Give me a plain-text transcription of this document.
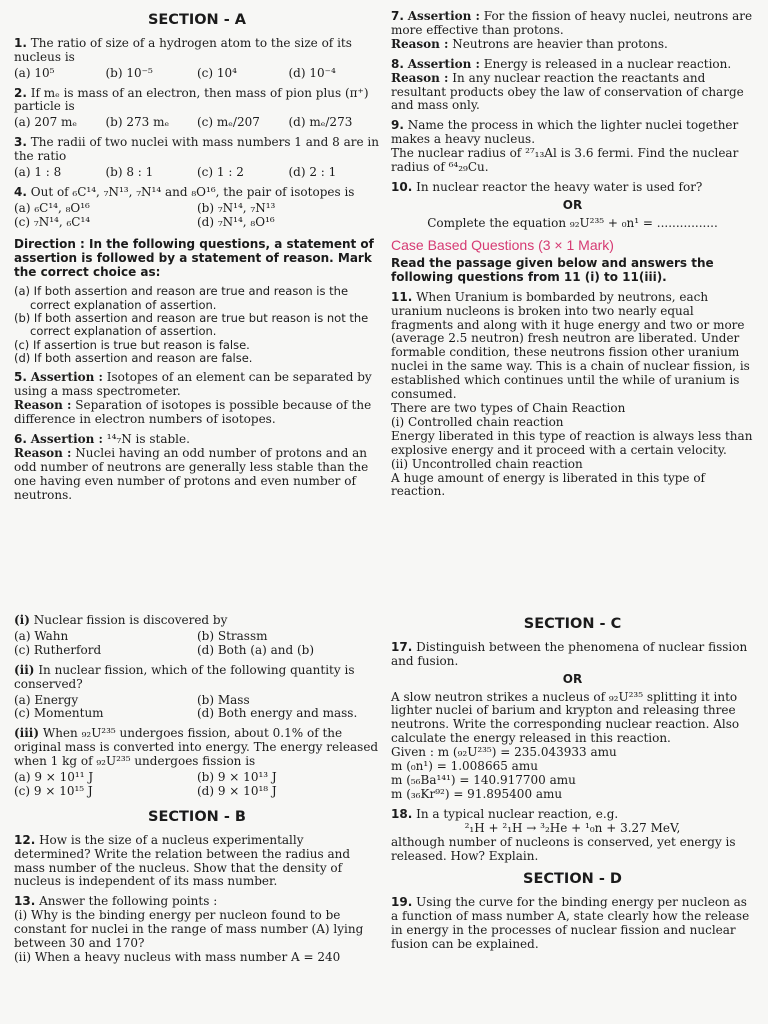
SECTION - A
1. The ratio of size of a hydrogen atom to the size of its nucleus is
(a) 10⁵	(b) 10⁻⁵	(c) 10⁴	(d) 10⁻⁴
2. If mₑ is mass of an electron, then mass of pion plus (π⁺) particle is
(a) 207 mₑ	(b) 273 mₑ	(c) mₑ/207	(d) mₑ/273
3. The radii of two nuclei with mass numbers 1 and 8 are in the ratio
(a) 1 : 8	(b) 8 : 1	(c) 1 : 2	(d) 2 : 1
4. Out of ₆C¹⁴, ₇N¹³, ₇N¹⁴ and ₈O¹⁶, the pair of isotopes is
(a) ₆C¹⁴, ₈O¹⁶	(b) ₇N¹⁴, ₇N¹³
(c) ₇N¹⁴, ₆C¹⁴	(d) ₇N¹⁴, ₈O¹⁶
Direction : In the following questions, a statement of assertion is followed by a statement of reason. Mark the correct choice as:
(a) If both assertion and reason are true and reason is the correct explanation of assertion.
(b) If both assertion and reason are true but reason is not the correct explanation of assertion.
(c) If assertion is true but reason is false.
(d) If both assertion and reason are false.
5. Assertion : Isotopes of an element can be separated by using a mass spectrometer.
Reason : Separation of isotopes is possible because of the difference in electron numbers of isotopes.
6. Assertion : ¹⁴₇N is stable.
Reason : Nuclei having an odd number of protons and an odd number of neutrons are generally less stable than the one having even number of protons and even number of neutrons.
7. Assertion : For the fission of heavy nuclei, neutrons are more effective than protons.
Reason : Neutrons are heavier than protons.
8. Assertion : Energy is released in a nuclear reaction.
Reason : In any nuclear reaction the reactants and resultant products obey the law of conservation of charge and mass only.
9. Name the process in which the lighter nuclei together makes a heavy nucleus.
The nuclear radius of ²⁷₁₃Al is 3.6 fermi. Find the nuclear radius of ⁶⁴₂₉Cu.
10. In nuclear reactor the heavy water is used for?
OR
Complete the equation ₉₂U²³⁵ + ₀n¹ = ................
Case Based Questions (3 × 1 Mark)
Read the passage given below and answers the following questions from 11 (i) to 11(iii).
11. When Uranium is bombarded by neutrons, each uranium nucleons is broken into two nearly equal fragments and along with it huge energy and two or more (average 2.5 neutron) fresh neutron are liberated. Under formable condition, these neutrons fission other uranium nuclei in the same way. This is a chain of nuclear fission, is established which continues until the while of uranium is consumed.
There are two types of Chain Reaction
(i) Controlled chain reaction
Energy liberated in this type of reaction is always less than explosive energy and it proceed with a certain velocity.
(ii) Uncontrolled chain reaction
A huge amount of energy is liberated in this type of reaction.
(i) Nuclear fission is discovered by
(a) Wahn	(b) Strassm
(c) Rutherford	(d) Both (a) and (b)
(ii) In nuclear fission, which of the following quantity is conserved?
(a) Energy	(b) Mass
(c) Momentum	(d) Both energy and mass.
(iii) When ₉₂U²³⁵ undergoes fission, about 0.1% of the original mass is converted into energy. The energy released when 1 kg of ₉₂U²³⁵ undergoes fission is
(a) 9 × 10¹¹ J	(b) 9 × 10¹³ J
(c) 9 × 10¹⁵ J	(d) 9 × 10¹⁸ J
SECTION - B
12. How is the size of a nucleus experimentally determined? Write the relation between the radius and mass number of the nucleus. Show that the density of nucleus is independent of its mass number.
13. Answer the following points :
(i) Why is the binding energy per nucleon found to be constant for nuclei in the range of mass number (A) lying between 30 and 170?
(ii) When a heavy nucleus with mass number A = 240
SECTION - C
17. Distinguish between the phenomena of nuclear fission and fusion.
OR
A slow neutron strikes a nucleus of ₉₂U²³⁵ splitting it into lighter nuclei of barium and krypton and releasing three neutrons. Write the corresponding nuclear reaction. Also calculate the energy released in this reaction.
Given : m (₉₂U²³⁵) = 235.043933 amu
m (₀n¹) = 1.008665 amu
m (₅₆Ba¹⁴¹) = 140.917700 amu
m (₃₆Kr⁹²) = 91.895400 amu
18. In a typical nuclear reaction, e.g.
²₁H + ²₁H → ³₂He + ¹₀n + 3.27 MeV,
although number of nucleons is conserved, yet energy is released. How? Explain.
SECTION - D
19. Using the curve for the binding energy per nucleon as a function of mass number A, state clearly how the release in energy in the processes of nuclear fission and nuclear fusion can be explained.
